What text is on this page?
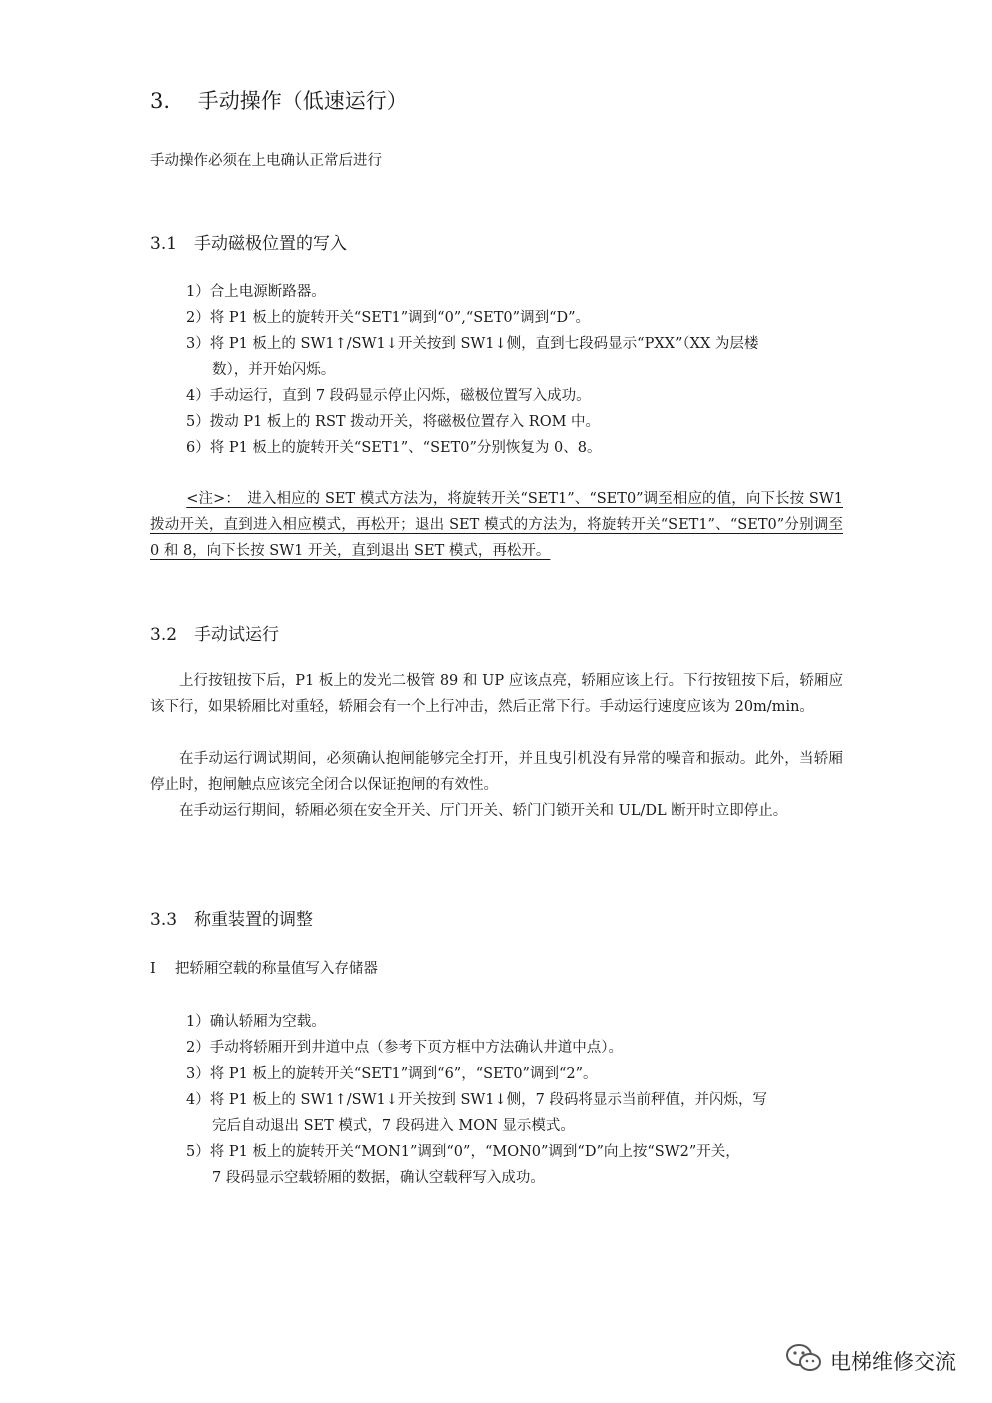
3.　 手动操作（低速运行）
手动操作必须在上电确认正常后进行
3.1　手动磁极位置的写入
1）合上电源断路器。
2）将 P1 板上的旋转开关“SET1”调到“0”,“SET0”调到“D”。
3）将 P1 板上的 SW1↑/SW1↓开关按到 SW1↓侧，直到七段码显示“PXX”（XX 为层楼
数），并开始闪烁。
4）手动运行，直到 7 段码显示停止闪烁，磁极位置写入成功。
5）拨动 P1 板上的 RST 拨动开关，将磁极位置存入 ROM 中。
6）将 P1 板上的旋转开关“SET1”、“SET0”分别恢复为 0、8。

<注>：　进入相应的 SET 模式方法为，将旋转开关“SET1”、“SET0”调至相应的值，向下长按 SW1 拨动开关，直到进入相应模式，再松开；退出 SET 模式的方法为，将旋转开关“SET1”、“SET0”分别调至 0 和 8，向下长按 SW1 开关，直到退出 SET 模式，再松开。

3.2　手动试运行

上行按钮按下后，P1 板上的发光二极管 89 和 UP 应该点亮，轿厢应该上行。下行按钮按下后，轿厢应该下行，如果轿厢比对重轻，轿厢会有一个上行冲击，然后正常下行。手动运行速度应该为 20m/min。

在手动运行调试期间，必须确认抱闸能够完全打开，并且曳引机没有异常的噪音和振动。此外，当轿厢停止时，抱闸触点应该完全闭合以保证抱闸的有效性。

在手动运行期间，轿厢必须在安全开关、厅门开关、轿门门锁开关和 UL/DL 断开时立即停止。

3.3　称重装置的调整
I　 把轿厢空载的称量值写入存储器
1）确认轿厢为空载。
2）手动将轿厢开到井道中点（参考下页方框中方法确认井道中点）。
3）将 P1 板上的旋转开关“SET1”调到“6”，“SET0”调到“2”。
4）将 P1 板上的 SW1↑/SW1↓开关按到 SW1↓侧，7 段码将显示当前秤值，并闪烁，写
完后自动退出 SET 模式，7 段码进入 MON 显示模式。
5）将 P1 板上的旋转开关“MON1”调到“0”，“MON0”调到“D”向上按“SW2”开关，
7 段码显示空载轿厢的数据，确认空载秤写入成功。
电梯维修交流
